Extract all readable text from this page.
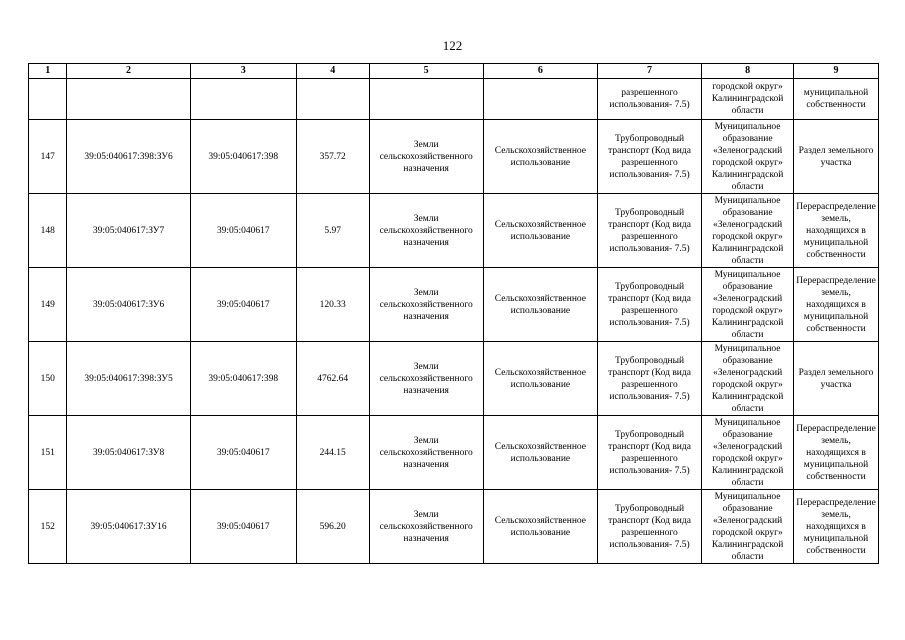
122
1	2	3	4	5	6	7	8	9
						разрешенного использования- 7.5)	городской округ» Калининградской области	муниципальной собственности
147	39:05:040617:398:ЗУ6	39:05:040617:398	357.72	Земли сельскохозяйственного назначения	Сельскохозяйственное использование	Трубопроводный транспорт (Код вида разрешенного использования- 7.5)	Муниципальное образование «Зеленоградский городской округ» Калининградской области	Раздел земельного участка
148	39:05:040617:ЗУ7	39:05:040617	5.97	Земли сельскохозяйственного назначения	Сельскохозяйственное использование	Трубопроводный транспорт (Код вида разрешенного использования- 7.5)	Муниципальное образование «Зеленоградский городской округ» Калининградской области	Перераспределение земель, находящихся в муниципальной собственности
149	39:05:040617:ЗУ6	39:05:040617	120.33	Земли сельскохозяйственного назначения	Сельскохозяйственное использование	Трубопроводный транспорт (Код вида разрешенного использования- 7.5)	Муниципальное образование «Зеленоградский городской округ» Калининградской области	Перераспределение земель, находящихся в муниципальной собственности
150	39:05:040617:398:ЗУ5	39:05:040617:398	4762.64	Земли сельскохозяйственного назначения	Сельскохозяйственное использование	Трубопроводный транспорт (Код вида разрешенного использования- 7.5)	Муниципальное образование «Зеленоградский городской округ» Калининградской области	Раздел земельного участка
151	39:05:040617:ЗУ8	39:05:040617	244.15	Земли сельскохозяйственного назначения	Сельскохозяйственное использование	Трубопроводный транспорт (Код вида разрешенного использования- 7.5)	Муниципальное образование «Зеленоградский городской округ» Калининградской области	Перераспределение земель, находящихся в муниципальной собственности
152	39:05:040617:ЗУ16	39:05:040617	596.20	Земли сельскохозяйственного назначения	Сельскохозяйственное использование	Трубопроводный транспорт (Код вида разрешенного использования- 7.5)	Муниципальное образование «Зеленоградский городской округ» Калининградской области	Перераспределение земель, находящихся в муниципальной собственности
